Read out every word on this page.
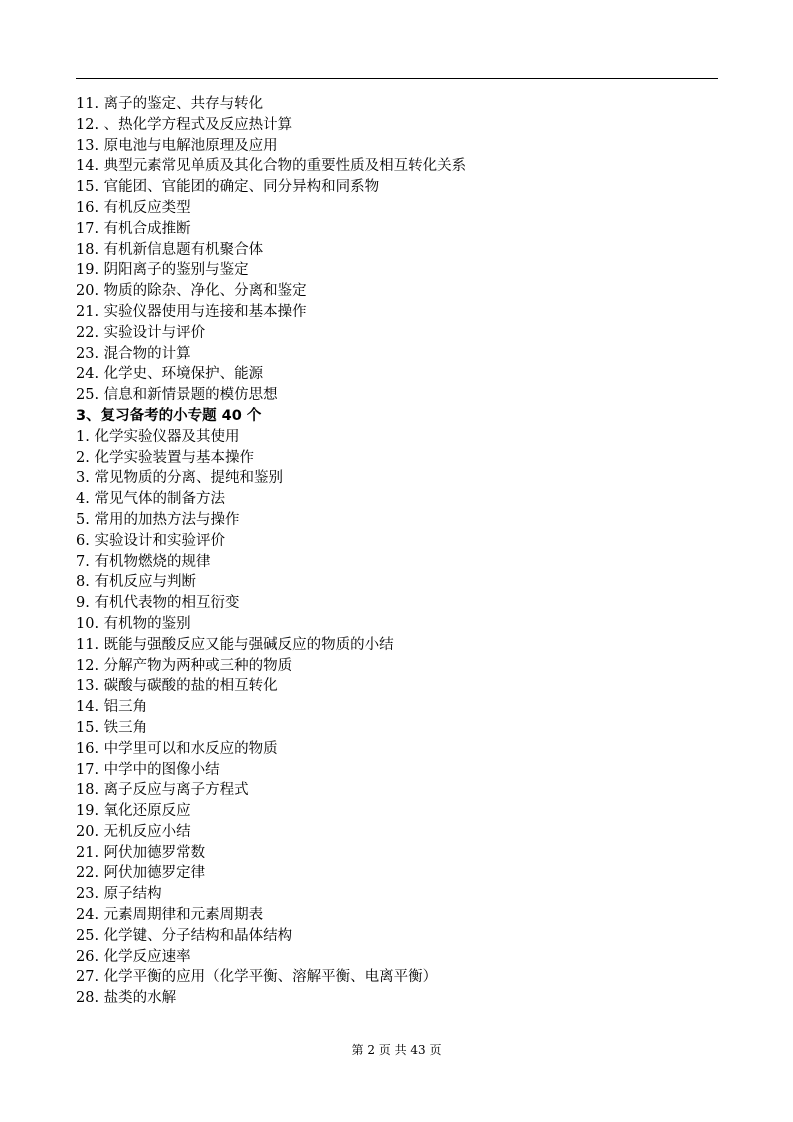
11. 离子的鉴定、共存与转化
12. 、热化学方程式及反应热计算
13. 原电池与电解池原理及应用
14. 典型元素常见单质及其化合物的重要性质及相互转化关系
15. 官能团、官能团的确定、同分异构和同系物
16. 有机反应类型
17. 有机合成推断
18. 有机新信息题有机聚合体
19. 阴阳离子的鉴别与鉴定
20. 物质的除杂、净化、分离和鉴定
21. 实验仪器使用与连接和基本操作
22. 实验设计与评价
23. 混合物的计算
24. 化学史、环境保护、能源
25. 信息和新情景题的模仿思想
3、复习备考的小专题 40 个
1. 化学实验仪器及其使用
2. 化学实验装置与基本操作
3. 常见物质的分离、提纯和鉴别
4. 常见气体的制备方法
5. 常用的加热方法与操作
6. 实验设计和实验评价
7. 有机物燃烧的规律
8. 有机反应与判断
9. 有机代表物的相互衍变
10. 有机物的鉴别
11. 既能与强酸反应又能与强碱反应的物质的小结
12. 分解产物为两种或三种的物质
13. 碳酸与碳酸的盐的相互转化
14. 铝三角
15. 铁三角
16. 中学里可以和水反应的物质
17. 中学中的图像小结
18. 离子反应与离子方程式
19. 氧化还原反应
20. 无机反应小结
21. 阿伏加德罗常数
22. 阿伏加德罗定律
23. 原子结构
24. 元素周期律和元素周期表
25. 化学键、分子结构和晶体结构
26. 化学反应速率
27. 化学平衡的应用（化学平衡、溶解平衡、电离平衡）
28. 盐类的水解
第 2 页 共 43 页
